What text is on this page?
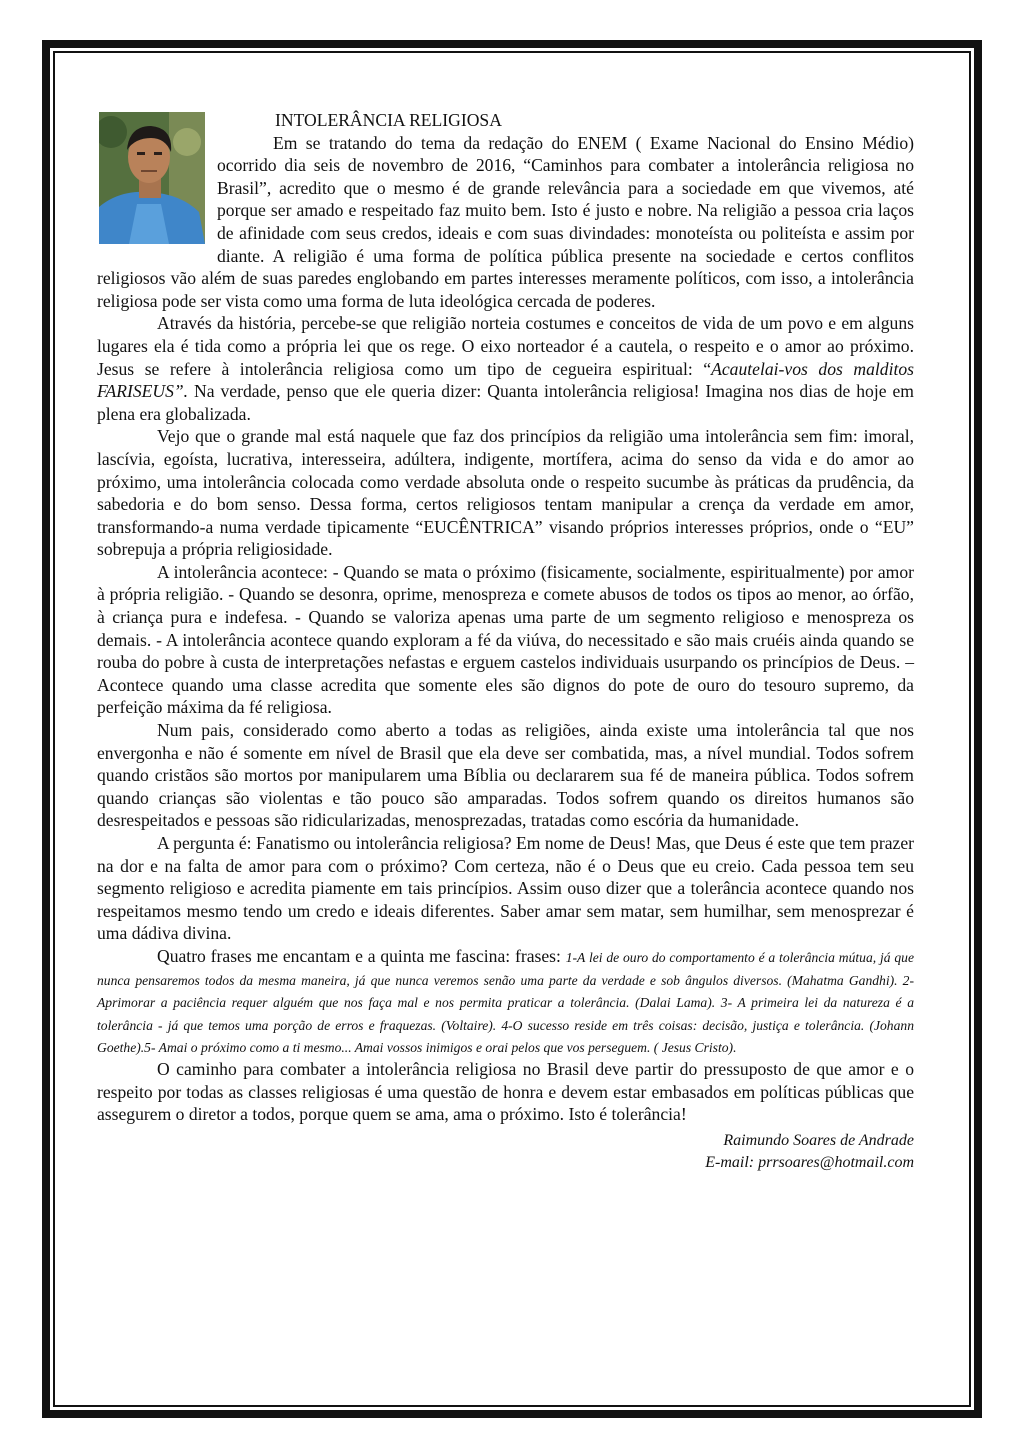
INTOLERÂNCIA RELIGIOSA

Em se tratando do tema da redação do ENEM ( Exame Nacional do Ensino Médio) ocorrido dia seis de novembro de 2016, “Caminhos para combater a intolerância religiosa no Brasil”, acredito que o mesmo é de grande relevância para a sociedade em que vivemos, até porque ser amado e respeitado faz muito bem. Isto é justo e nobre. Na religião a pessoa cria laços de afinidade com seus credos, ideais e com suas divindades: monoteísta ou politeísta e assim por diante. A religião é uma forma de política pública presente na sociedade e certos conflitos religiosos vão além de suas paredes englobando em partes interesses meramente políticos, com isso, a intolerância religiosa pode ser vista como uma forma de luta ideológica cercada de poderes.

Através da história, percebe-se que religião norteia costumes e conceitos de vida de um povo e em alguns lugares ela é tida como a própria lei que os rege. O eixo norteador é a cautela, o respeito e o amor ao próximo. Jesus se refere à intolerância religiosa como um tipo de cegueira espiritual: “Acautelai-vos dos malditos FARISEUS”. Na verdade, penso que ele queria dizer: Quanta intolerância religiosa! Imagina nos dias de hoje em plena era globalizada.

Vejo que o grande mal está naquele que faz dos princípios da religião uma intolerância sem fim: imoral, lascívia, egoísta, lucrativa, interesseira, adúltera, indigente, mortífera, acima do senso da vida e do amor ao próximo, uma intolerância colocada como verdade absoluta onde o respeito sucumbe às práticas da prudência, da sabedoria e do bom senso. Dessa forma, certos religiosos tentam manipular a crença da verdade em amor, transformando-a numa verdade tipicamente “EUCÊNTRICA” visando próprios interesses próprios, onde o “EU” sobrepuja a própria religiosidade.

A intolerância acontece: - Quando se mata o próximo (fisicamente, socialmente, espiritualmente) por amor à própria religião. - Quando se desonra, oprime, menospreza e comete abusos de todos os tipos ao menor, ao órfão, à criança pura e indefesa. - Quando se valoriza apenas uma parte de um segmento religioso e menospreza os demais. - A intolerância acontece quando exploram a fé da viúva, do necessitado e são mais cruéis ainda quando se rouba do pobre à custa de interpretações nefastas e erguem castelos individuais usurpando os princípios de Deus. – Acontece quando uma classe acredita que somente eles são dignos do pote de ouro do tesouro supremo, da perfeição máxima da fé religiosa.

Num pais, considerado como aberto a todas as religiões, ainda existe uma intolerância tal que nos envergonha e não é somente em nível de Brasil que ela deve ser combatida, mas, a nível mundial. Todos sofrem quando cristãos são mortos por manipularem uma Bíblia ou declararem sua fé de maneira pública. Todos sofrem quando crianças são violentas e tão pouco são amparadas. Todos sofrem quando os direitos humanos são desrespeitados e pessoas são ridicularizadas, menosprezadas, tratadas como escória da humanidade.

A pergunta é: Fanatismo ou intolerância religiosa? Em nome de Deus! Mas, que Deus é este que tem prazer na dor e na falta de amor para com o próximo? Com certeza, não é o Deus que eu creio. Cada pessoa tem seu segmento religioso e acredita piamente em tais princípios. Assim ouso dizer que a tolerância acontece quando nos respeitamos mesmo tendo um credo e ideais diferentes. Saber amar sem matar, sem humilhar, sem menosprezar é uma dádiva divina.

Quatro frases me encantam e a quinta me fascina: frases: 1-A lei de ouro do comportamento é a tolerância mútua, já que nunca pensaremos todos da mesma maneira, já que nunca veremos senão uma parte da verdade e sob ângulos diversos. (Mahatma Gandhi). 2- Aprimorar a paciência requer alguém que nos faça mal e nos permita praticar a tolerância. (Dalai Lama). 3- A primeira lei da natureza é a tolerância - já que temos uma porção de erros e fraquezas. (Voltaire). 4-O sucesso reside em três coisas: decisão, justiça e tolerância. (Johann Goethe).5- Amai o próximo como a ti mesmo... Amai vossos inimigos e orai pelos que vos perseguem. ( Jesus Cristo).

O caminho para combater a intolerância religiosa no Brasil deve partir do pressuposto de que amor e o respeito por todas as classes religiosas é uma questão de honra e devem estar embasados em políticas públicas que assegurem o diretor a todos, porque quem se ama, ama o próximo. Isto é tolerância!

Raimundo Soares de Andrade
E-mail: prrsoares@hotmail.com
